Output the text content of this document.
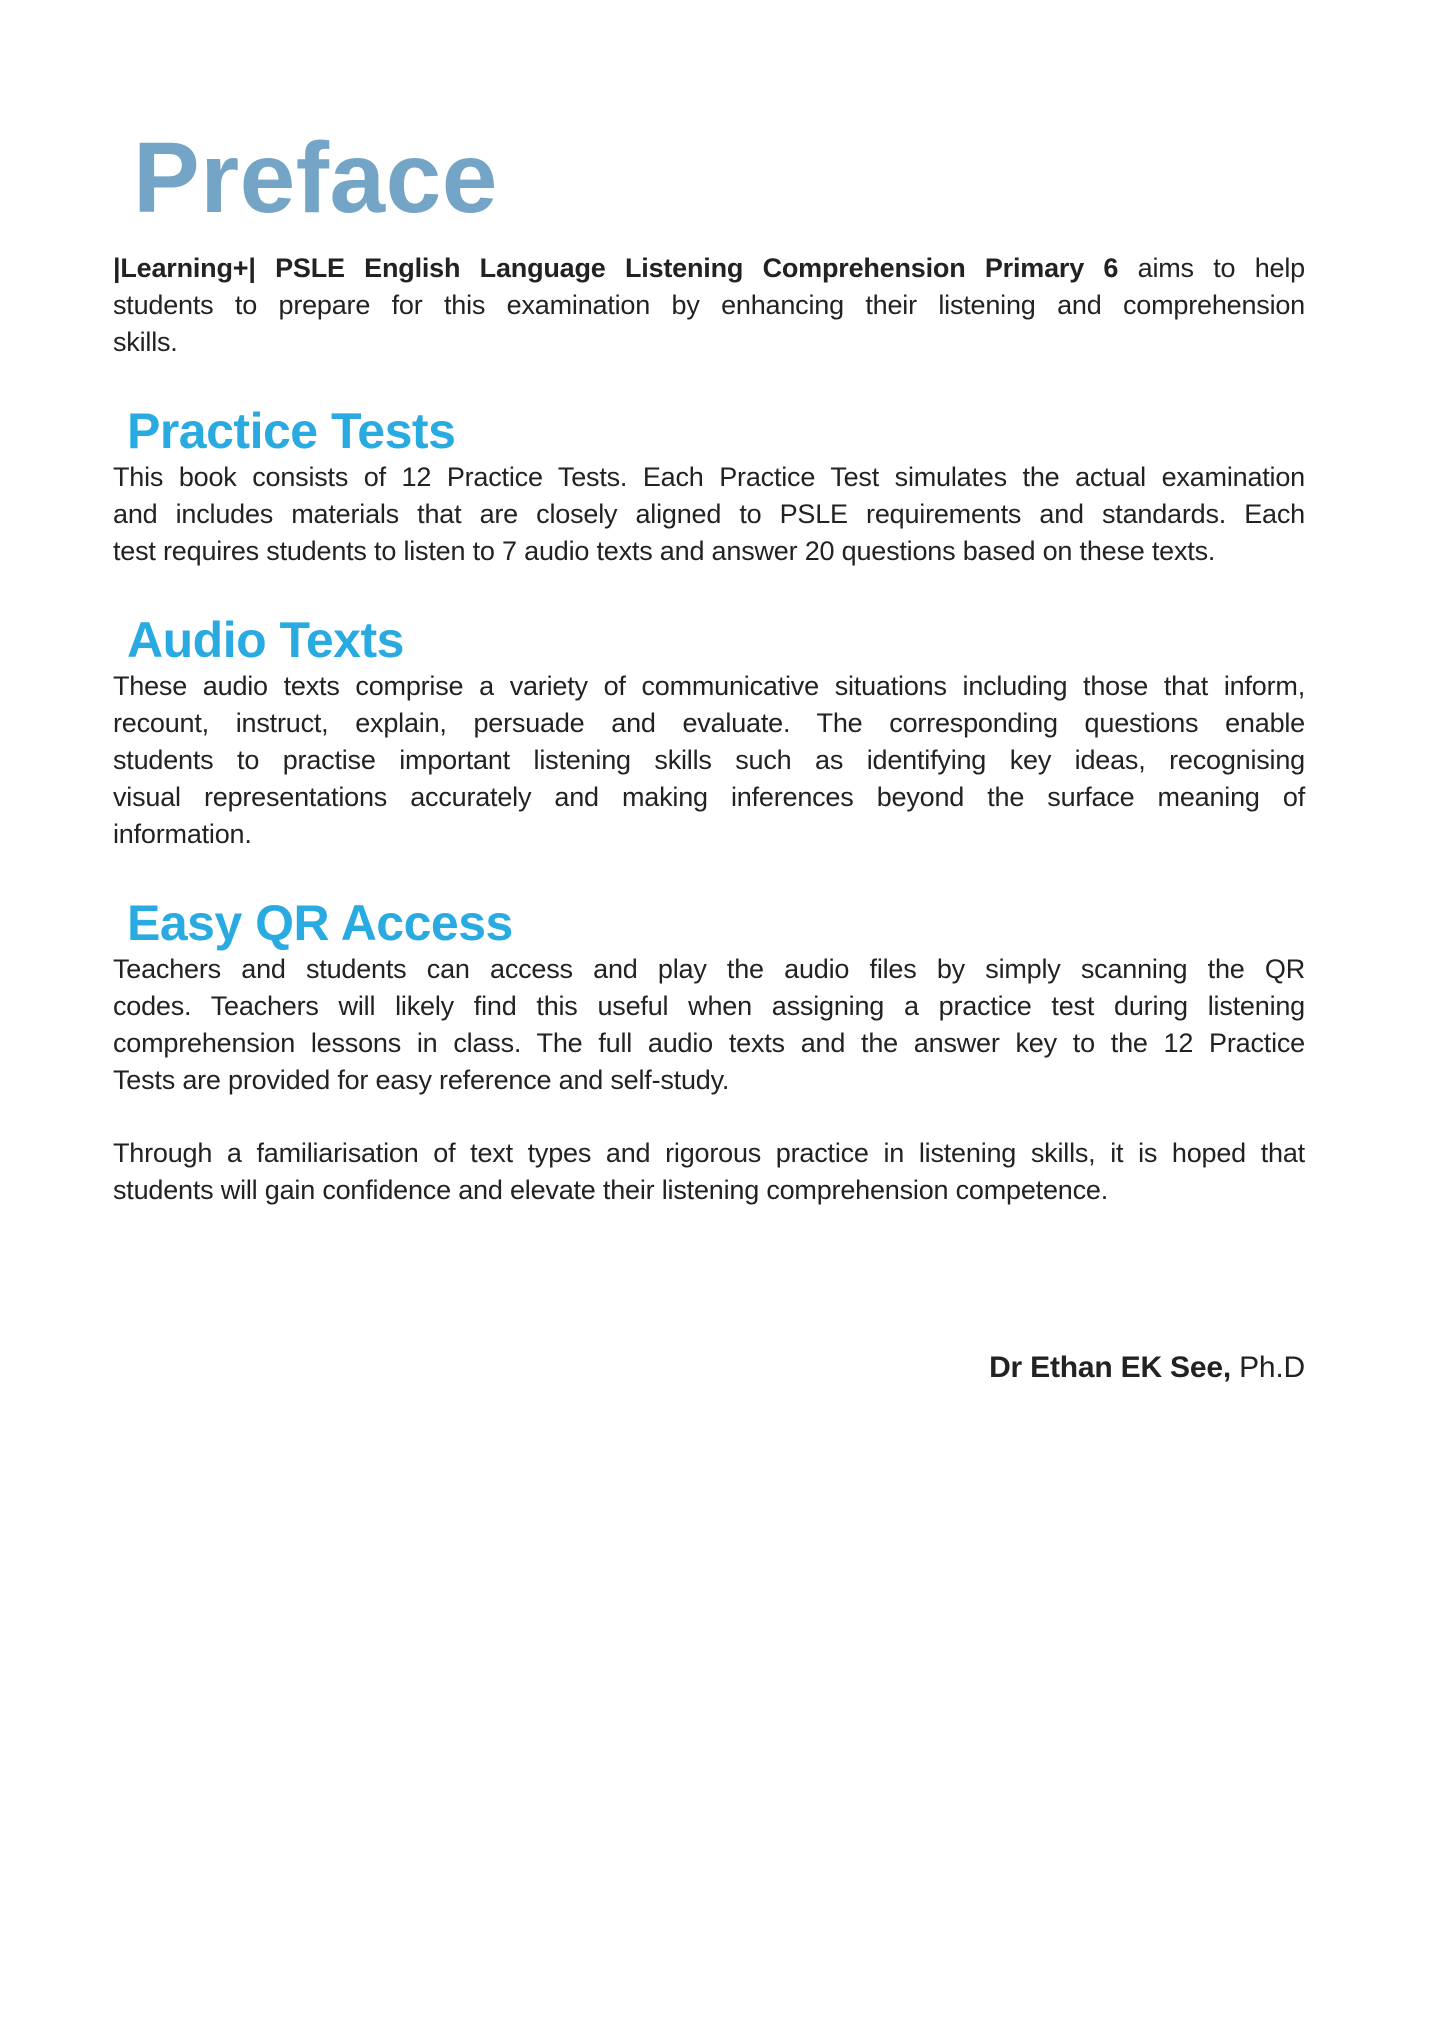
Preface

|Learning+| PSLE English Language Listening Comprehension Primary 6 aims to help
students to prepare for this examination by enhancing their listening and comprehension
skills.

Practice Tests

This book consists of 12 Practice Tests. Each Practice Test simulates the actual examination
and includes materials that are closely aligned to PSLE requirements and standards. Each
test requires students to listen to 7 audio texts and answer 20 questions based on these texts.

Audio Texts

These audio texts comprise a variety of communicative situations including those that inform,
recount, instruct, explain, persuade and evaluate. The corresponding questions enable
students to practise important listening skills such as identifying key ideas, recognising
visual representations accurately and making inferences beyond the surface meaning of
information.

Easy QR Access

Teachers and students can access and play the audio files by simply scanning the QR
codes. Teachers will likely find this useful when assigning a practice test during listening
comprehension lessons in class. The full audio texts and the answer key to the 12 Practice
Tests are provided for easy reference and self-study.

Through a familiarisation of text types and rigorous practice in listening skills, it is hoped that
students will gain confidence and elevate their listening comprehension competence.

Dr Ethan EK See, Ph.D
